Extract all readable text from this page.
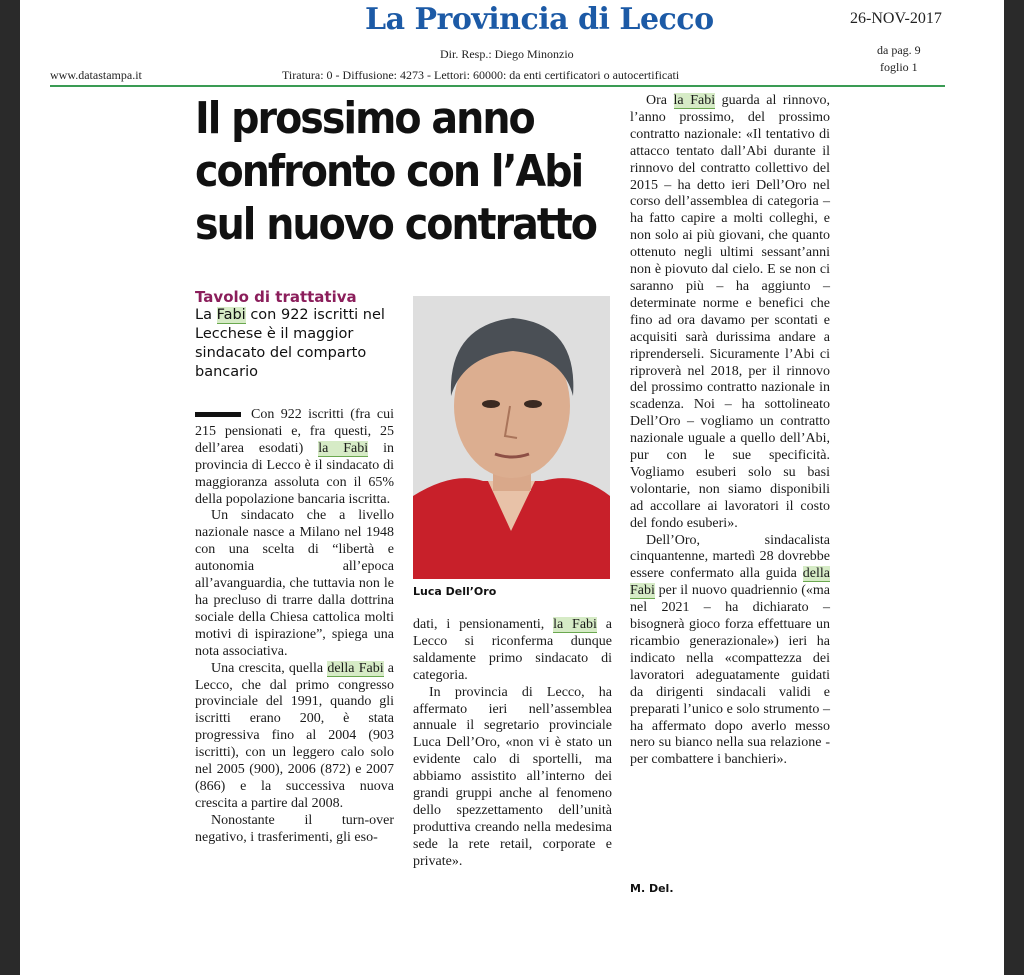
La Provincia di Lecco	26-NOV-2017
Dir. Resp.: Diego Minonzio	da pag. 9
foglio 1
www.datastampa.it	Tiratura: 0 - Diffusione: 4273 - Lettori: 60000: da enti certificatori o autocertificati
Il prossimo anno
confronto con l’Abi
sul nuovo contratto
Tavolo di trattativa
La Fabi con 922 iscritti nel Lecchese è il maggior sindacato del comparto bancario

Con 922 iscritti (fra cui 215 pensionati e, fra questi, 25 dell’area esodati) la Fabi in provincia di Lecco è il sindacato di maggioranza assoluta con il 65% della popolazione bancaria iscritta.

Un sindacato che a livello nazionale nasce a Milano nel 1948 con una scelta di “libertà e autonomia all’epoca all’avanguardia, che tuttavia non le ha precluso di trarre dalla dottrina sociale della Chiesa cattolica molti motivi di ispirazione”, spiega una nota associativa.

Una crescita, quella della Fabi a Lecco, che dal primo congresso provinciale del 1991, quando gli iscritti erano 200, è stata progressiva fino al 2004 (903 iscritti), con un leggero calo solo nel 2005 (900), 2006 (872) e 2007 (866) e la successiva nuova crescita a partire dal 2008.

Nonostante il turn-over negativo, i trasferimenti, gli eso-

Luca Dell’Oro

dati, i pensionamenti, la Fabi a Lecco si riconferma dunque saldamente primo sindacato di categoria.

In provincia di Lecco, ha affermato ieri nell’assemblea annuale il segretario provinciale Luca Dell’Oro, «non vi è stato un evidente calo di sportelli, ma abbiamo assistito all’interno dei grandi gruppi anche al fenomeno dello spezzettamento dell’unità produttiva creando nella medesima sede la rete retail, corporate e private».

Ora la Fabi guarda al rinnovo, l’anno prossimo, del prossimo contratto nazionale: «Il tentativo di attacco tentato dall’Abi durante il rinnovo del contratto collettivo del 2015 – ha detto ieri Dell’Oro nel corso dell’assemblea di categoria – ha fatto capire a molti colleghi, e non solo ai più giovani, che quanto ottenuto negli ultimi sessant’anni non è piovuto dal cielo. E se non ci saranno più – ha aggiunto – determinate norme e benefici che fino ad ora davamo per scontati e acquisiti sarà durissima andare a riprenderseli. Sicuramente l’Abi ci riproverà nel 2018, per il rinnovo del prossimo contratto nazionale in scadenza. Noi – ha sottolineato Dell’Oro – vogliamo un contratto nazionale uguale a quello dell’Abi, pur con le sue specificità. Vogliamo esuberi solo su basi volontarie, non siamo disponibili ad accollare ai lavoratori il costo del fondo esuberi».

Dell’Oro, sindacalista cinquantenne, martedì 28 dovrebbe essere confermato alla guida della Fabi per il nuovo quadriennio («ma nel 2021 – ha dichiarato – bisognerà gioco forza effettuare un ricambio generazionale») ieri ha indicato nella «compattezza dei lavoratori adeguatamente guidati da dirigenti sindacali validi e preparati l’unico e solo strumento – ha affermato dopo averlo messo nero su bianco nella sua relazione - per combattere i banchieri».

M. Del.
